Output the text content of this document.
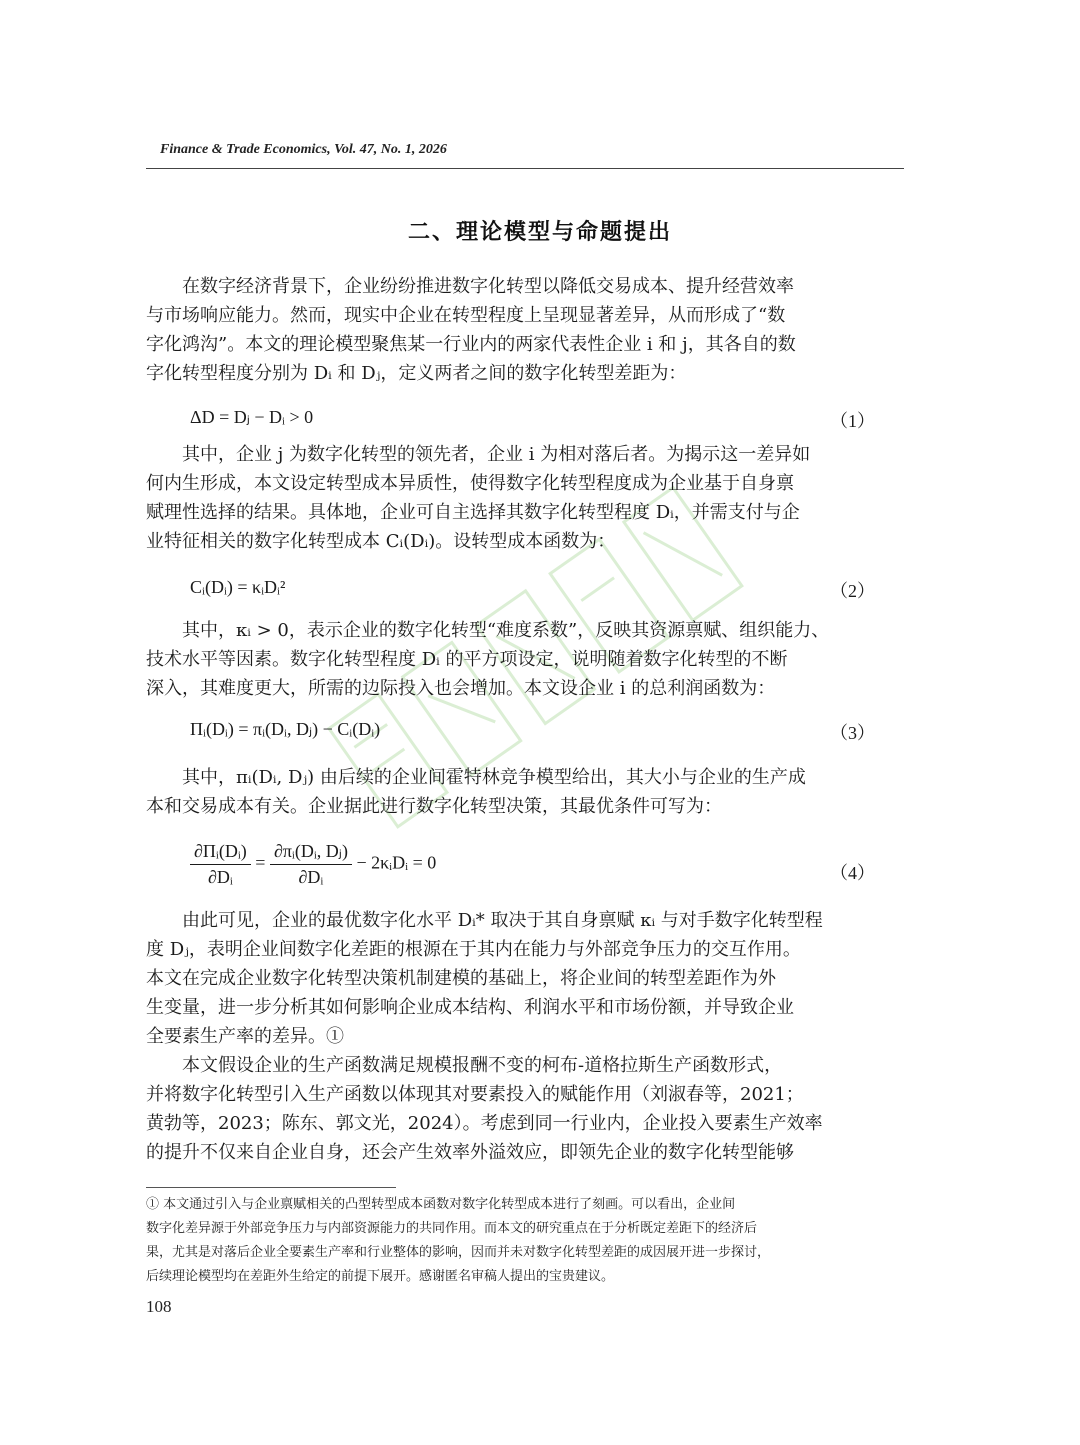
Finance & Trade Economics, Vol. 47, No. 1, 2026
二、理论模型与命题提出
　　在数字经济背景下，企业纷纷推进数字化转型以降低交易成本、提升经营效率
与市场响应能力。然而，现实中企业在转型程度上呈现显著差异，从而形成了“数
字化鸿沟”。本文的理论模型聚焦某一行业内的两家代表性企业 i 和 j，其各自的数
字化转型程度分别为 Dᵢ 和 Dⱼ，定义两者之间的数字化转型差距为：
ΔD = Dⱼ − Dᵢ > 0	（1）
　　其中，企业 j 为数字化转型的领先者，企业 i 为相对落后者。为揭示这一差异如
何内生形成，本文设定转型成本异质性，使得数字化转型程度成为企业基于自身禀
赋理性选择的结果。具体地，企业可自主选择其数字化转型程度 Dᵢ，并需支付与企
业特征相关的数字化转型成本 Cᵢ(Dᵢ)。设转型成本函数为：
Cᵢ(Dᵢ) = κᵢDᵢ²	（2）
　　其中，κᵢ > 0，表示企业的数字化转型“难度系数”，反映其资源禀赋、组织能力、
技术水平等因素。数字化转型程度 Dᵢ 的平方项设定，说明随着数字化转型的不断
深入，其难度更大，所需的边际投入也会增加。本文设企业 i 的总利润函数为：
Πᵢ(Dᵢ) = πᵢ(Dᵢ, Dⱼ) − Cᵢ(Dᵢ)	（3）
　　其中，πᵢ(Dᵢ, Dⱼ) 由后续的企业间霍特林竞争模型给出，其大小与企业的生产成
本和交易成本有关。企业据此进行数字化转型决策，其最优条件可写为：
$\frac{\text{∂Πᵢ(Dᵢ)}}{\text{∂Dᵢ}} = \frac{\text{∂πᵢ(Dᵢ, Dⱼ)}}{\text{∂Dᵢ}}$ − 2κᵢDᵢ = 0
（4）
　　由此可见，企业的最优数字化水平 Dᵢ* 取决于其自身禀赋 κᵢ 与对手数字化转型程
度 Dⱼ，表明企业间数字化差距的根源在于其内在能力与外部竞争压力的交互作用。
本文在完成企业数字化转型决策机制建模的基础上，将企业间的转型差距作为外
生变量，进一步分析其如何影响企业成本结构、利润水平和市场份额，并导致企业
全要素生产率的差异。①
　　本文假设企业的生产函数满足规模报酬不变的柯布-道格拉斯生产函数形式，
并将数字化转型引入生产函数以体现其对要素投入的赋能作用（刘淑春等，2021；
黄勃等，2023；陈东、郭文光，2024）。考虑到同一行业内，企业投入要素生产效率
的提升不仅来自企业自身，还会产生效率外溢效应，即领先企业的数字化转型能够
① 本文通过引入与企业禀赋相关的凸型转型成本函数对数字化转型成本进行了刻画。可以看出，企业间
数字化差异源于外部竞争压力与内部资源能力的共同作用。而本文的研究重点在于分析既定差距下的经济后
果，尤其是对落后企业全要素生产率和行业整体的影响，因而并未对数字化转型差距的成因展开进一步探讨，
后续理论模型均在差距外生给定的前提下展开。感谢匿名审稿人提出的宝贵建议。
108
